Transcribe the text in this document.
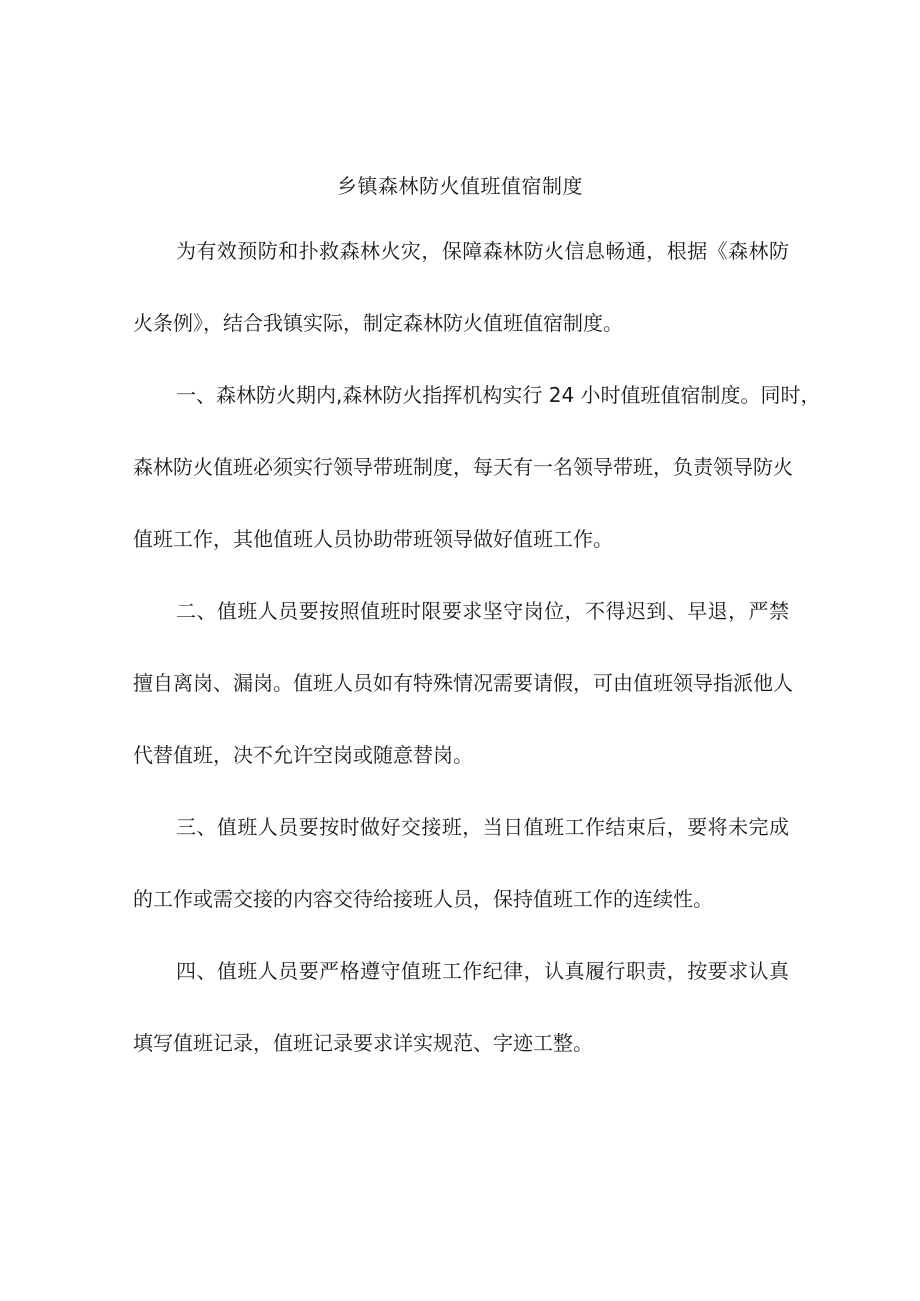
乡镇森林防火值班值宿制度

为有效预防和扑救森林火灾，保障森林防火信息畅通，根据《森林防

火条例》，结合我镇实际，制定森林防火值班值宿制度。

一、森林防火期内,森林防火指挥机构实行 24 小时值班值宿制度。同时，

森林防火值班必须实行领导带班制度，每天有一名领导带班，负责领导防火

值班工作，其他值班人员协助带班领导做好值班工作。

二、值班人员要按照值班时限要求坚守岗位，不得迟到、早退，严禁

擅自离岗、漏岗。值班人员如有特殊情况需要请假，可由值班领导指派他人

代替值班，决不允许空岗或随意替岗。

三、值班人员要按时做好交接班，当日值班工作结束后，要将未完成

的工作或需交接的内容交待给接班人员，保持值班工作的连续性。

四、值班人员要严格遵守值班工作纪律，认真履行职责，按要求认真

填写值班记录，值班记录要求详实规范、字迹工整。
